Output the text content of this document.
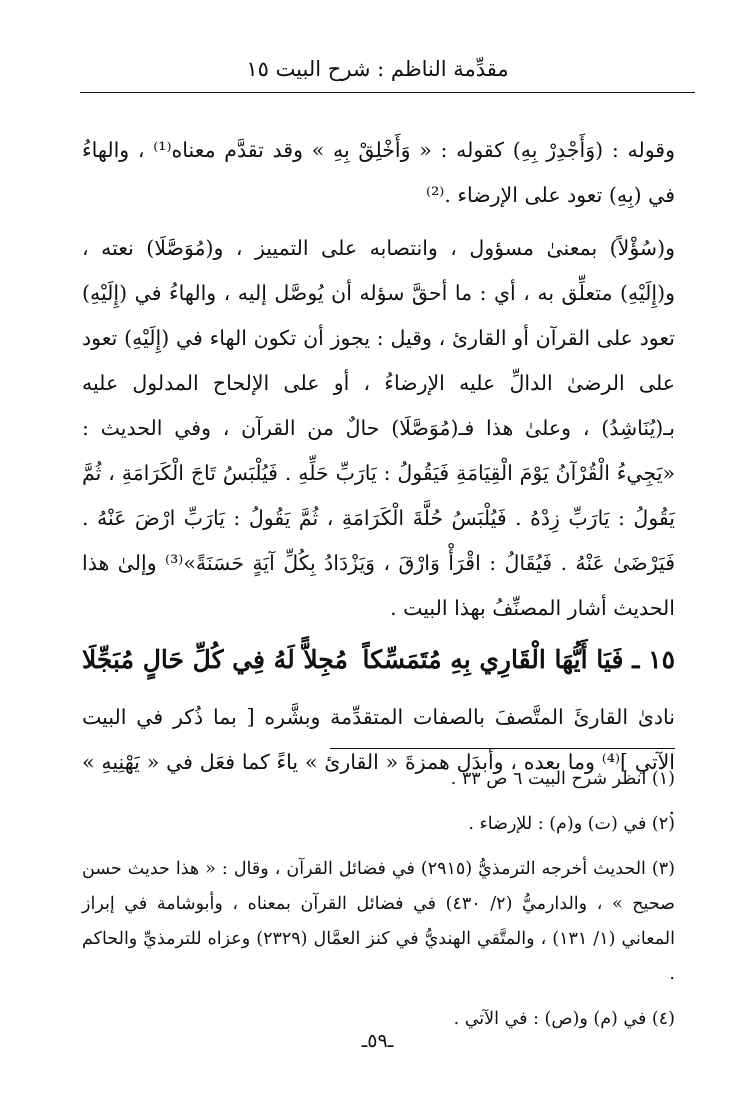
مقدِّمة الناظم : شرح البيت ١٥

وقوله : (وَأَجْدِرْ بِهِ) كقوله : « وَأَخْلِقْ بِهِ » وقد تقدَّم معناه⁽¹⁾ ، والهاءُ في (بِهِ) تعود على الإرضاء .⁽²⁾

و(سُؤْلاً) بمعنىٰ مسؤول ، وانتصابه على التمييز ، و(مُوَصَّلَا) نعته ، و(إِلَيْهِ) متعلِّق به ، أي : ما أحقَّ سؤله أن يُوصَّل إليه ، والهاءُ في (إِلَيْهِ) تعود على القرآن أو القارئ ، وقيل : يجوز أن تكون الهاء في (إِلَيْهِ) تعود على الرضىٰ الدالِّ عليه الإرضاءُ ، أو على الإلحاح المدلول عليه بـ(يُنَاشِدُ) ، وعلىٰ هذا فـ(مُوَصَّلَا) حالٌ من القرآن ، وفي الحديث : «يَجِيءُ الْقُرْآنُ يَوْمَ الْقِيَامَةِ فَيَقُولُ : يَارَبِّ حَلِّهِ . فَيُلْبَسُ تَاجَ الْكَرَامَةِ ، ثُمَّ يَقُولُ : يَارَبِّ زِدْهُ . فَيُلْبَسُ حُلَّةَ الْكَرَامَةِ ، ثُمَّ يَقُولُ : يَارَبِّ ارْضَ عَنْهُ . فَيَرْضَىٰ عَنْهُ . فَيُقَالُ : اقْرَأْ وَارْقَ ، وَيَزْدَادُ بِكُلِّ آيَةٍ حَسَنَةً»⁽³⁾ وإلىٰ هذا الحديث أشار المصنِّفُ بهذا البيت .

١٥ ـ فَيَا أَيُّهَا الْقَارِي بِهِ مُتَمَسِّكاً
مُجِلاًّ لَهُ فِي كُلِّ حَالٍ مُبَجِّلَا

نادىٰ القارئَ المتَّصفَ بالصفات المتقدِّمة وبشَّره [ بما ذُكر في البيت الآتي ]⁽⁴⁾ وما بعده ، وأبدَل همزةَ « القارئ » ياءً كما فعَل في « يَهْنِيهِ » .

(١) انظر شرح البيت ٦ ص ٣٣ .

(٢) في (ت) و(م) : للإرضاء .

(٣) الحديث أخرجه الترمذيُّ (٢٩١٥) في فضائل القرآن ، وقال : « هذا حديث حسن صحيح » ، والدارميُّ (٢/ ٤٣٠) في فضائل القرآن بمعناه ، وأبوشامة في إبراز المعاني (١/ ١٣١) ، والمتَّقي الهنديُّ في كنز العمَّال (٢٣٢٩) وعزاه للترمذيِّ والحاكم .

(٤) في (م) و(ص) : في الآتي .

ـ٥٩ـ
